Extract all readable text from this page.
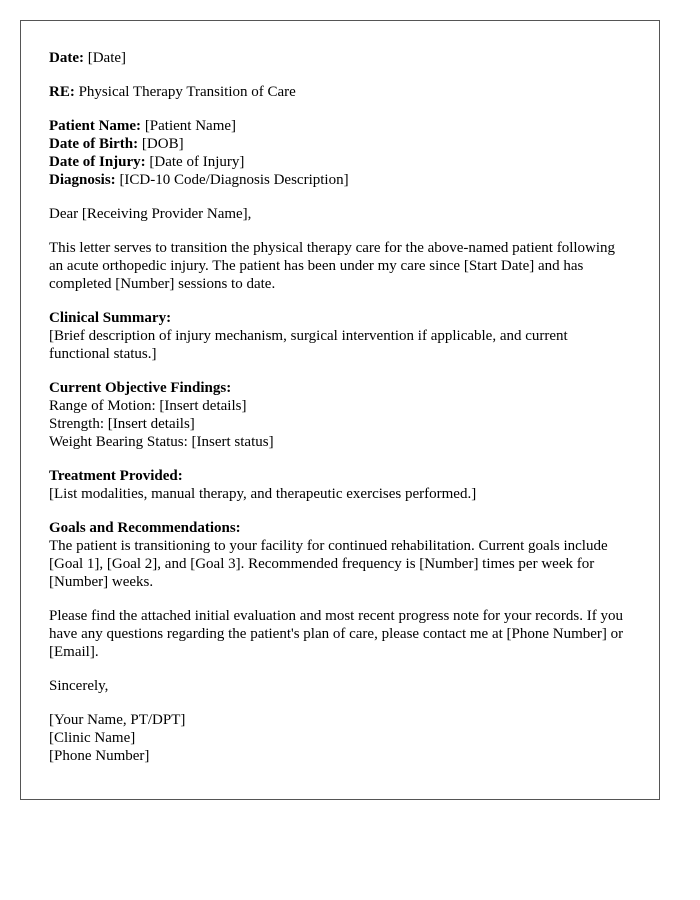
Date: [Date]
RE: Physical Therapy Transition of Care
Patient Name: [Patient Name]
Date of Birth: [DOB]
Date of Injury: [Date of Injury]
Diagnosis: [ICD-10 Code/Diagnosis Description]
Dear [Receiving Provider Name],
This letter serves to transition the physical therapy care for the above-named patient following an acute orthopedic injury. The patient has been under my care since [Start Date] and has completed [Number] sessions to date.
Clinical Summary:
[Brief description of injury mechanism, surgical intervention if applicable, and current functional status.]
Current Objective Findings:
Range of Motion: [Insert details]
Strength: [Insert details]
Weight Bearing Status: [Insert status]
Treatment Provided:
[List modalities, manual therapy, and therapeutic exercises performed.]
Goals and Recommendations:
The patient is transitioning to your facility for continued rehabilitation. Current goals include [Goal 1], [Goal 2], and [Goal 3]. Recommended frequency is [Number] times per week for [Number] weeks.
Please find the attached initial evaluation and most recent progress note for your records. If you have any questions regarding the patient's plan of care, please contact me at [Phone Number] or [Email].
Sincerely,
[Your Name, PT/DPT]
[Clinic Name]
[Phone Number]
